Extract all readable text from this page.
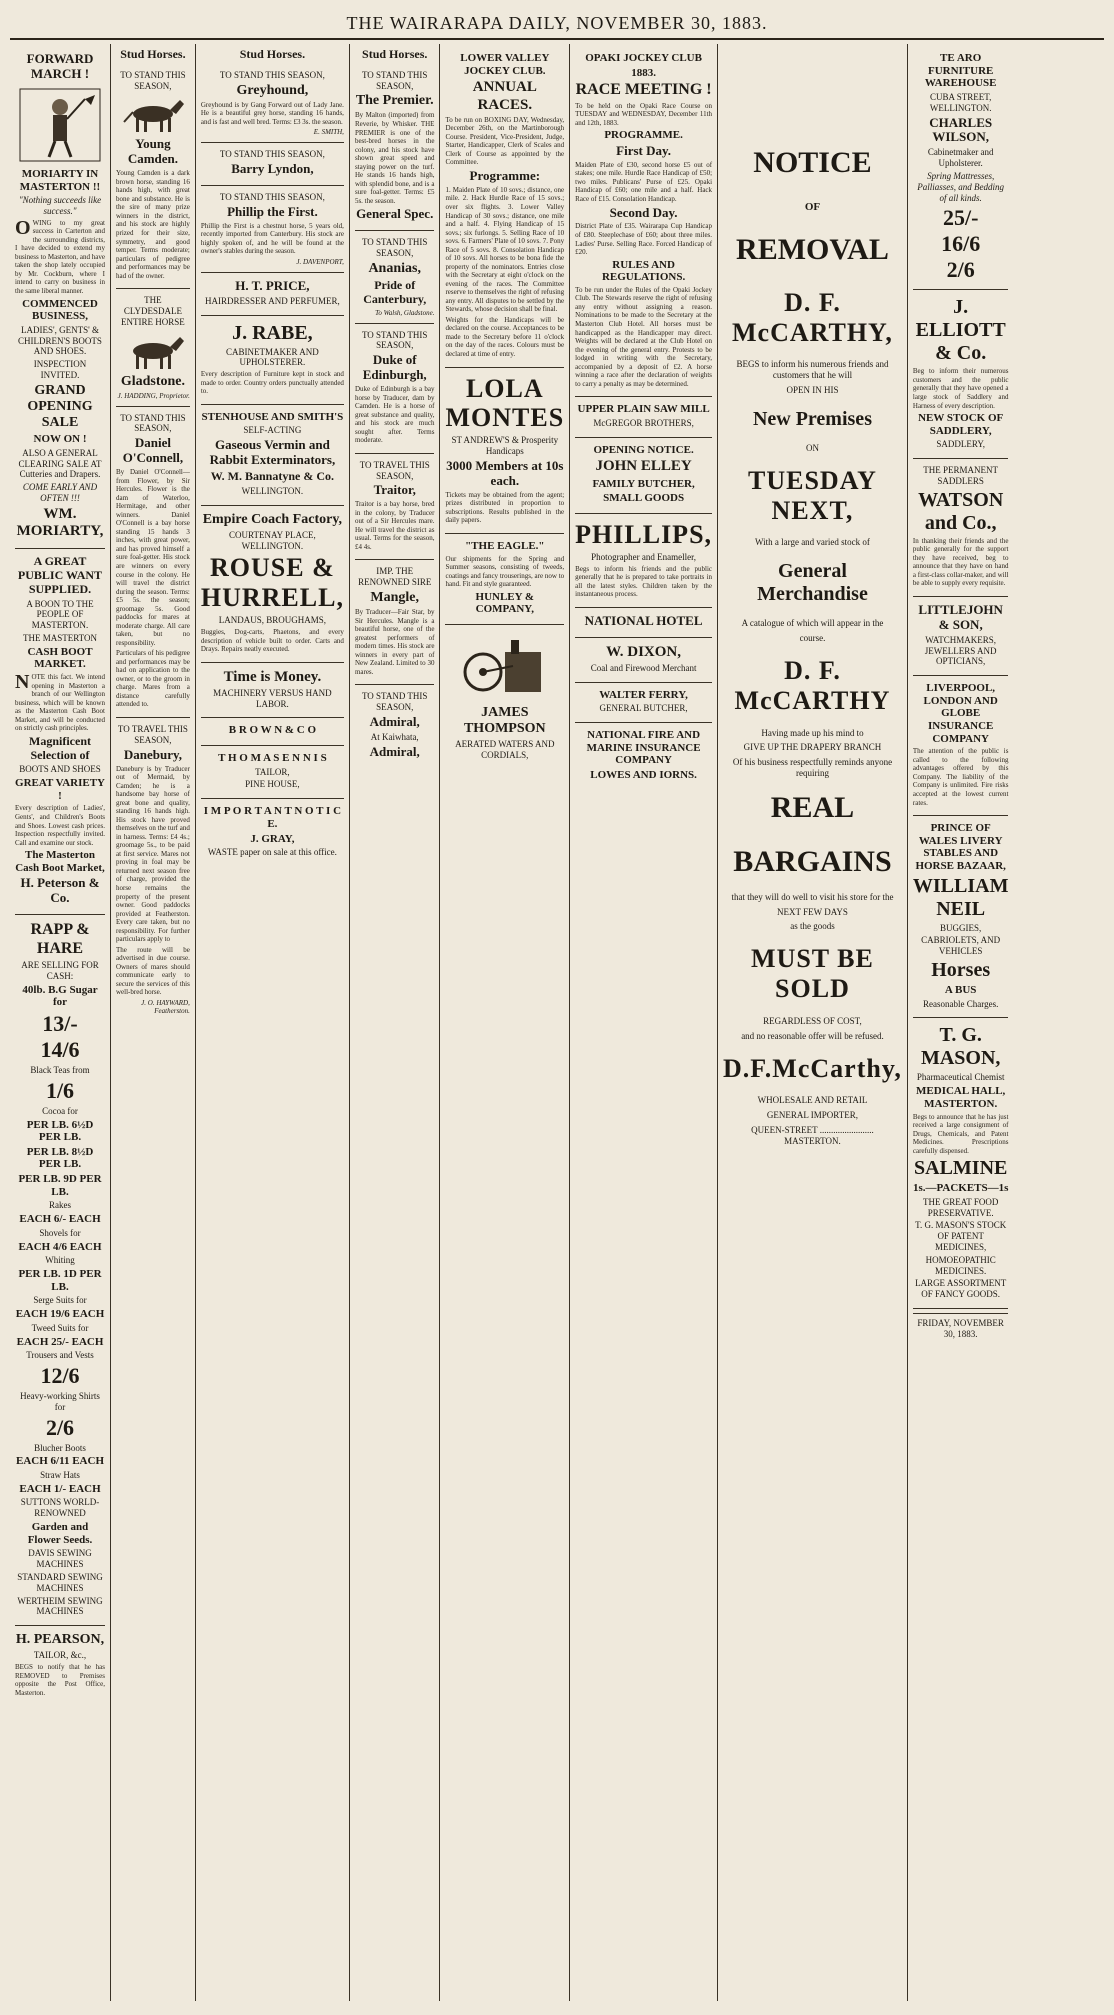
THE WAIRARAPA DAILY, NOVEMBER 30, 1883.
FORWARD MARCH !
MORIARTY IN MASTERTON !!
"Nothing succeeds like success."
OWING to my great success in Carterton and the surrounding districts, I have decided to extend my business to Masterton, and have taken the shop lately occupied by Mr. Cockburn, where I intend to carry on business in the same liberal manner.
COMMENCED BUSINESS,
LADIES', GENTS' & CHILDREN'S BOOTS AND SHOES.
INSPECTION INVITED.
GRAND OPENING SALE
NOW ON !
ALSO A GENERAL CLEARING SALE AT Cutteries and Drapers.
COME EARLY AND OFTEN !!!
WM. MORIARTY,
A GREAT PUBLIC WANT SUPPLIED.
A BOON TO THE PEOPLE OF MASTERTON.
THE MASTERTON
CASH BOOT MARKET.
NOTE this fact. We intend opening in Masterton a branch of our Wellington business, which will be known as the Masterton Cash Boot Market, and will be conducted on strictly cash principles.
Magnificent Selection of
BOOTS AND SHOES
GREAT VARIETY !
Every description of Ladies', Gents', and Children's Boots and Shoes. Lowest cash prices. Inspection respectfully invited. Call and examine our stock.
The Masterton Cash Boot Market,
H. Peterson & Co.
RAPP & HARE
ARE SELLING FOR CASH:
40lb. B.G Sugar for
13/-
14/6
Black Teas from
1/6
Cocoa for
PER LB. 6½D PER LB.
PER LB. 8½D PER LB.
PER LB. 9D PER LB.
Rakes
EACH 6/- EACH
Shovels for
EACH 4/6 EACH
Whiting
PER LB. 1D PER LB.
Serge Suits for
EACH 19/6 EACH
Tweed Suits for
EACH 25/- EACH
Trousers and Vests
12/6
Heavy-working Shirts for
2/6
Blucher Boots
EACH 6/11 EACH
Straw Hats
EACH 1/- EACH
SUTTONS WORLD-RENOWNED
Garden and Flower Seeds.
DAVIS SEWING MACHINES
STANDARD SEWING MACHINES
WERTHEIM SEWING MACHINES
H. PEARSON,
TAILOR, &c.,
BEGS to notify that he has REMOVED to Premises opposite the Post Office, Masterton.
Stud Horses.
TO STAND THIS SEASON,
Young Camden.
Young Camden is a dark brown horse, standing 16 hands high, with great bone and substance. He is the sire of many prize winners in the district, and his stock are highly prized for their size, symmetry, and good temper. Terms moderate; particulars of pedigree and performances may be had of the owner.
THE CLYDESDALE ENTIRE HORSE
Gladstone.
J. HADDING, Proprietor.
TO STAND THIS SEASON,
Daniel O'Connell,
By Daniel O'Connell—from Flower, by Sir Hercules. Flower is the dam of Waterloo, Hermitage, and other winners. Daniel O'Connell is a bay horse standing 15 hands 3 inches, with great power, and has proved himself a sure foal-getter. His stock are winners on every course in the colony. He will travel the district during the season. Terms: £5 5s. the season; groomage 5s. Good paddocks for mares at moderate charge. All care taken, but no responsibility.
Particulars of his pedigree and performances may be had on application to the owner, or to the groom in charge. Mares from a distance carefully attended to.
TO TRAVEL THIS SEASON,
Danebury,
Danebury is by Traducer out of Mermaid, by Camden; he is a handsome bay horse of great bone and quality, standing 16 hands high. His stock have proved themselves on the turf and in harness. Terms: £4 4s.; groomage 5s., to be paid at first service. Mares not proving in foal may be returned next season free of charge, provided the horse remains the property of the present owner. Good paddocks provided at Featherston. Every care taken, but no responsibility. For further particulars apply to
The route will be advertised in due course. Owners of mares should communicate early to secure the services of this well-bred horse.
J. O. HAYWARD, Featherston.
Stud Horses.
TO STAND THIS SEASON,
Greyhound,
Greyhound is by Gang Forward out of Lady Jane. He is a beautiful grey horse, standing 16 hands, and is fast and well bred. Terms: £3 3s. the season.
E. SMITH,
TO STAND THIS SEASON,
Barry Lyndon,
TO STAND THIS SEASON,
Phillip the First.
Phillip the First is a chestnut horse, 5 years old, recently imported from Canterbury. His stock are highly spoken of, and he will be found at the owner's stables during the season.
J. DAVENPORT,
H. T. PRICE,
HAIRDRESSER AND PERFUMER,
J. RABE,
CABINETMAKER AND UPHOLSTERER.
Every description of Furniture kept in stock and made to order. Country orders punctually attended to.
STENHOUSE AND SMITH'S
SELF-ACTING
Gaseous Vermin and Rabbit Exterminators,
W. M. Bannatyne & Co.
WELLINGTON.
Empire Coach Factory,
COURTENAY PLACE, WELLINGTON.
ROUSE & HURRELL,
LANDAUS, BROUGHAMS,
Buggies, Dog-carts, Phaetons, and every description of vehicle built to order. Carts and Drays. Repairs neatly executed.
Time is Money.
MACHINERY VERSUS HAND LABOR.
B R O W N & C O
T H O M A S E N N I S
TAILOR,
PINE HOUSE,
I M P O R T A N T N O T I C E.
J. GRAY,
WASTE paper on sale at this office.
Stud Horses.
TO STAND THIS SEASON,
The Premier.
By Malton (imported) from Reverie, by Whisker. THE PREMIER is one of the best-bred horses in the colony, and his stock have shown great speed and staying power on the turf. He stands 16 hands high, with splendid bone, and is a sure foal-getter. Terms: £5 5s. the season.
General Spec.
TO STAND THIS SEASON,
Ananias,
Pride of Canterbury,
To Walsh, Gladstone.
TO STAND THIS SEASON,
Duke of Edinburgh,
Duke of Edinburgh is a bay horse by Traducer, dam by Camden. He is a horse of great substance and quality, and his stock are much sought after. Terms moderate.
TO TRAVEL THIS SEASON,
Traitor,
Traitor is a bay horse, bred in the colony, by Traducer out of a Sir Hercules mare. He will travel the district as usual. Terms for the season, £4 4s.
IMP. THE RENOWNED SIRE
Mangle,
By Traducer—Fair Star, by Sir Hercules. Mangle is a beautiful horse, one of the greatest performers of modern times. His stock are winners in every part of New Zealand. Limited to 30 mares.
TO STAND THIS SEASON,
Admiral,
At Kaiwhata,
Admiral,
LOWER VALLEY JOCKEY CLUB.
ANNUAL RACES.
To be run on BOXING DAY, Wednesday, December 26th, on the Martinborough Course. President, Vice-President, Judge, Starter, Handicapper, Clerk of Scales and Clerk of Course as appointed by the Committee.
Programme:
1. Maiden Plate of 10 sovs.; distance, one mile. 2. Hack Hurdle Race of 15 sovs.; over six flights. 3. Lower Valley Handicap of 30 sovs.; distance, one mile and a half. 4. Flying Handicap of 15 sovs.; six furlongs. 5. Selling Race of 10 sovs. 6. Farmers' Plate of 10 sovs. 7. Pony Race of 5 sovs. 8. Consolation Handicap of 10 sovs. All horses to be bona fide the property of the nominators. Entries close with the Secretary at eight o'clock on the evening of the races. The Committee reserve to themselves the right of refusing any entry. All disputes to be settled by the Stewards, whose decision shall be final.
Weights for the Handicaps will be declared on the course. Acceptances to be made to the Secretary before 11 o'clock on the day of the races. Colours must be declared at time of entry.
LOLA MONTES
ST ANDREW'S & Prosperity Handicaps
3000 Members at 10s each.
Tickets may be obtained from the agent; prizes distributed in proportion to subscriptions. Results published in the daily papers.
"THE EAGLE."
Our shipments for the Spring and Summer seasons, consisting of tweeds, coatings and fancy trouserings, are now to hand. Fit and style guaranteed.
HUNLEY & COMPANY,
JAMES THOMPSON
AERATED WATERS AND CORDIALS,
OPAKI JOCKEY CLUB
1883.
RACE MEETING !
To be held on the Opaki Race Course on TUESDAY and WEDNESDAY, December 11th and 12th, 1883.
PROGRAMME.
First Day.
Maiden Plate of £30, second horse £5 out of stakes; one mile. Hurdle Race Handicap of £50; two miles. Publicans' Purse of £25. Opaki Handicap of £60; one mile and a half. Hack Race of £15. Consolation Handicap.
Second Day.
District Plate of £35. Wairarapa Cup Handicap of £80. Steeplechase of £60; about three miles. Ladies' Purse. Selling Race. Forced Handicap of £20.
RULES AND REGULATIONS.
To be run under the Rules of the Opaki Jockey Club. The Stewards reserve the right of refusing any entry without assigning a reason. Nominations to be made to the Secretary at the Masterton Club Hotel. All horses must be handicapped as the Handicapper may direct. Weights will be declared at the Club Hotel on the evening of the general entry. Protests to be lodged in writing with the Secretary, accompanied by a deposit of £2. A horse winning a race after the declaration of weights to carry a penalty as may be determined.
UPPER PLAIN SAW MILL
McGREGOR BROTHERS,
OPENING NOTICE.
JOHN ELLEY
FAMILY BUTCHER,
SMALL GOODS
PHILLIPS,
Photographer and Enameller,
Begs to inform his friends and the public generally that he is prepared to take portraits in all the latest styles. Children taken by the instantaneous process.
NATIONAL HOTEL
W. DIXON,
Coal and Firewood Merchant
WALTER FERRY,
GENERAL BUTCHER,
NATIONAL FIRE AND MARINE INSURANCE COMPANY
LOWES AND IORNS.
NOTICE
OF
REMOVAL
D. F. McCARTHY,
BEGS to inform his numerous friends and customers that he will
OPEN IN HIS
New Premises
ON
TUESDAY NEXT,
With a large and varied stock of
General Merchandise
A catalogue of which will appear in the
course.
D. F. McCARTHY
Having made up his mind to
GIVE UP THE DRAPERY BRANCH
Of his business respectfully reminds anyone requiring
REAL
BARGAINS
that they will do well to visit his store for the
NEXT FEW DAYS
as the goods
MUST BE SOLD
REGARDLESS OF COST,
and no reasonable offer will be refused.
D.F.McCarthy,
WHOLESALE AND RETAIL
GENERAL IMPORTER,
QUEEN-STREET ........................ MASTERTON.
TE ARO FURNITURE WAREHOUSE
CUBA STREET, WELLINGTON.
CHARLES WILSON,
Cabinetmaker and Upholsterer.
Spring Mattresses, Palliasses, and Bedding of all kinds.
25/-
16/6
2/6
J. ELLIOTT & Co.
Beg to inform their numerous customers and the public generally that they have opened a large stock of Saddlery and Harness of every description.
NEW STOCK OF SADDLERY,
SADDLERY,
THE PERMANENT SADDLERS
WATSON and Co.,
In thanking their friends and the public generally for the support they have received, beg to announce that they have on hand a first-class collar-maker, and will be able to supply every requisite.
LITTLEJOHN & SON,
WATCHMAKERS, JEWELLERS AND OPTICIANS,
LIVERPOOL, LONDON AND GLOBE INSURANCE COMPANY
The attention of the public is called to the following advantages offered by this Company. The liability of the Company is unlimited. Fire risks accepted at the lowest current rates.
PRINCE OF WALES LIVERY STABLES AND HORSE BAZAAR,
WILLIAM NEIL
BUGGIES,
CABRIOLETS, AND VEHICLES
Horses
A BUS
Reasonable Charges.
T. G. MASON,
Pharmaceutical Chemist
MEDICAL HALL, MASTERTON.
Begs to announce that he has just received a large consignment of Drugs, Chemicals, and Patent Medicines. Prescriptions carefully dispensed.
SALMINE
1s.—PACKETS—1s
THE GREAT FOOD PRESERVATIVE.
T. G. MASON'S STOCK OF PATENT MEDICINES,
HOMOEOPATHIC MEDICINES.
LARGE ASSORTMENT OF FANCY GOODS.
FRIDAY, NOVEMBER 30, 1883.
